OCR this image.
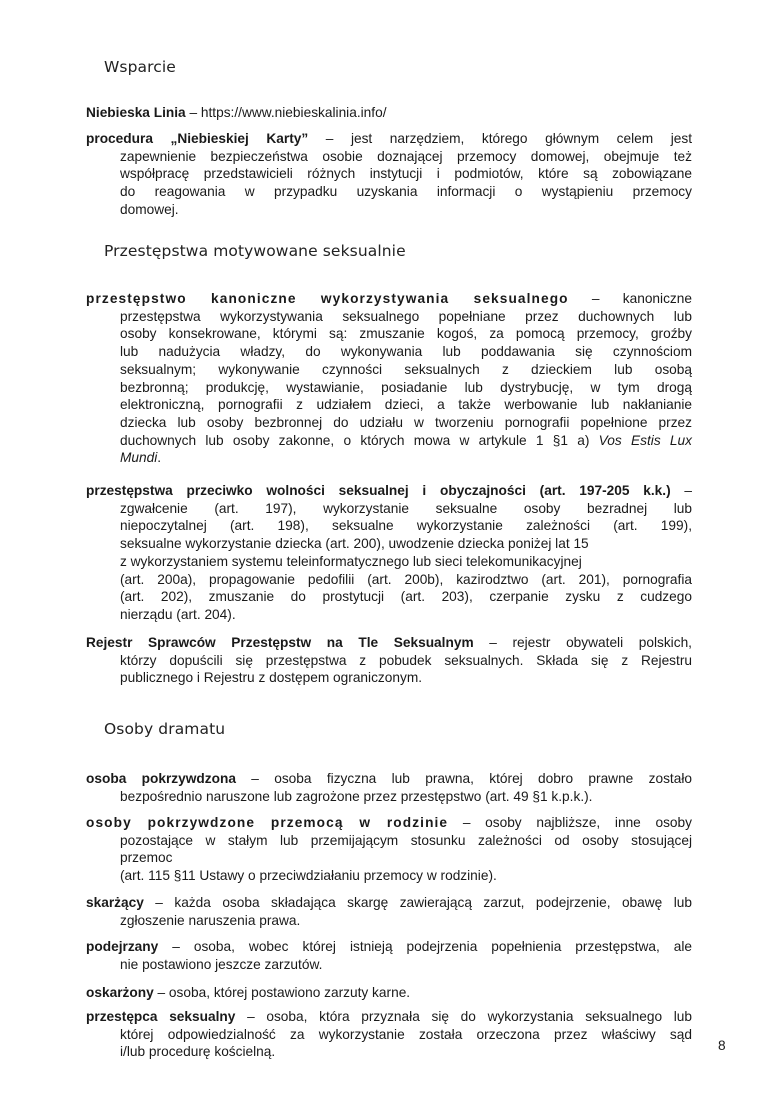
Wsparcie

Niebieska Linia – https://www.niebieskalinia.info/

procedura „Niebieskiej Karty” – jest narzędziem, którego głównym celem jest
zapewnienie bezpieczeństwa osobie doznającej przemocy domowej, obejmuje też
współpracę przedstawicieli różnych instytucji i podmiotów, które są zobowiązane
do reagowania w przypadku uzyskania informacji o wystąpieniu przemocy
domowej.
Przestępstwa motywowane seksualnie
przestępstwo kanoniczne wykorzystywania seksualnego – kanoniczne
przestępstwa wykorzystywania seksualnego popełniane przez duchownych lub
osoby konsekrowane, którymi są: zmuszanie kogoś, za pomocą przemocy, groźby
lub nadużycia władzy, do wykonywania lub poddawania się czynnościom
seksualnym; wykonywanie czynności seksualnych z dzieckiem lub osobą
bezbronną; produkcję, wystawianie, posiadanie lub dystrybucję, w tym drogą
elektroniczną, pornografii z udziałem dzieci, a także werbowanie lub nakłanianie
dziecka lub osoby bezbronnej do udziału w tworzeniu pornografii popełnione przez
duchownych lub osoby zakonne, o których mowa w artykule 1 §1 a) Vos Estis Lux
Mundi.
przestępstwa przeciwko wolności seksualnej i obyczajności (art. 197-205 k.k.) –
zgwałcenie (art. 197), wykorzystanie seksualne osoby bezradnej lub
niepoczytalnej (art. 198), seksualne wykorzystanie zależności (art. 199),
seksualne wykorzystanie dziecka (art. 200), uwodzenie dziecka poniżej lat 15
z wykorzystaniem systemu teleinformatycznego lub sieci telekomunikacyjnej
(art. 200a), propagowanie pedofilii (art. 200b), kazirodztwo (art. 201), pornografia
(art. 202), zmuszanie do prostytucji (art. 203), czerpanie zysku z cudzego
nierządu (art. 204).
Rejestr Sprawców Przestępstw na Tle Seksualnym – rejestr obywateli polskich,
którzy dopuścili się przestępstwa z pobudek seksualnych. Składa się z Rejestru
publicznego i Rejestru z dostępem ograniczonym.
Osoby dramatu
osoba pokrzywdzona – osoba fizyczna lub prawna, której dobro prawne zostało
bezpośrednio naruszone lub zagrożone przez przestępstwo (art. 49 §1 k.p.k.).
osoby pokrzywdzone przemocą w rodzinie – osoby najbliższe, inne osoby
pozostające w stałym lub przemijającym stosunku zależności od osoby stosującej
przemoc
(art. 115 §11 Ustawy o przeciwdziałaniu przemocy w rodzinie).
skarżący – każda osoba składająca skargę zawierającą zarzut, podejrzenie, obawę lub
zgłoszenie naruszenia prawa.
podejrzany – osoba, wobec której istnieją podejrzenia popełnienia przestępstwa, ale
nie postawiono jeszcze zarzutów.

oskarżony – osoba, której postawiono zarzuty karne.

przestępca seksualny – osoba, która przyznała się do wykorzystania seksualnego lub
której odpowiedzialność za wykorzystanie została orzeczona przez właściwy sąd
i/lub procedurę kościelną.	8
